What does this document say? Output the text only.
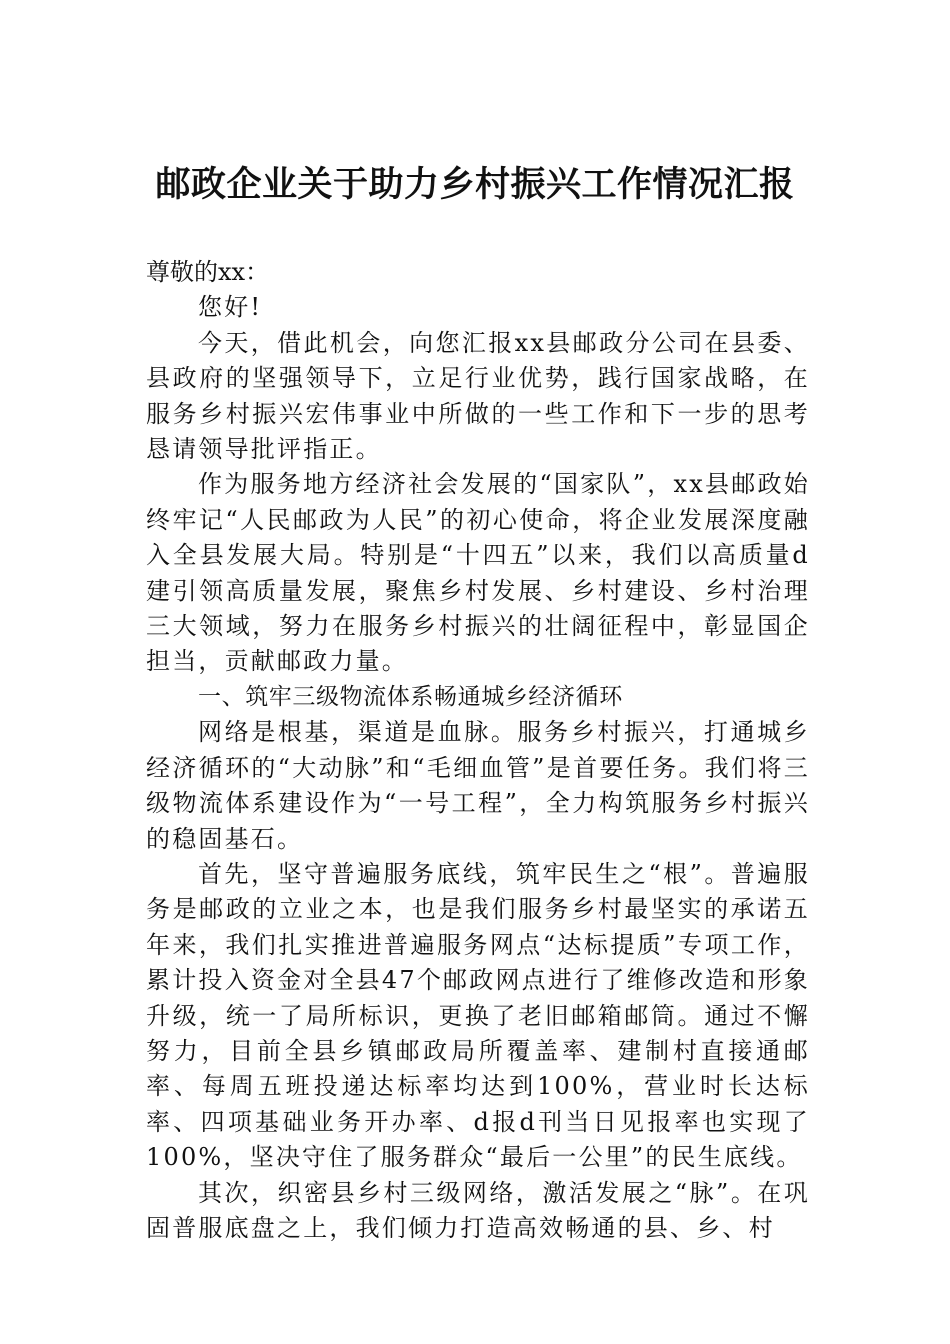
邮政企业关于助力乡村振兴工作情况汇报

尊敬的xx：

您好!

今天，借此机会，向您汇报xx县邮政分公司在县委、县政府的坚强领导下，立足行业优势，践行国家战略，在服务乡村振兴宏伟事业中所做的一些工作和下一步的思考恳请领导批评指正。

作为服务地方经济社会发展的“国家队”，xx县邮政始终牢记“人民邮政为人民”的初心使命，将企业发展深度融入全县发展大局。特别是“十四五”以来，我们以高质量d建引领高质量发展，聚焦乡村发展、乡村建设、乡村治理三大领域，努力在服务乡村振兴的壮阔征程中，彰显国企担当，贡献邮政力量。

一、筑牢三级物流体系畅通城乡经济循环

网络是根基，渠道是血脉。服务乡村振兴，打通城乡经济循环的“大动脉”和“毛细血管”是首要任务。我们将三级物流体系建设作为“一号工程”，全力构筑服务乡村振兴的稳固基石。

首先，坚守普遍服务底线，筑牢民生之“根”。普遍服务是邮政的立业之本，也是我们服务乡村最坚实的承诺五年来，我们扎实推进普遍服务网点“达标提质”专项工作，累计投入资金对全县47个邮政网点进行了维修改造和形象升级，统一了局所标识，更换了老旧邮箱邮筒。通过不懈努力，目前全县乡镇邮政局所覆盖率、建制村直接通邮率、每周五班投递达标率均达到100%，营业时长达标率、四项基础业务开办率、d报d刊当日见报率也实现了100%，坚决守住了服务群众“最后一公里”的民生底线。

其次，织密县乡村三级网络，激活发展之“脉”。在巩固普服底盘之上，我们倾力打造高效畅通的县、乡、村
